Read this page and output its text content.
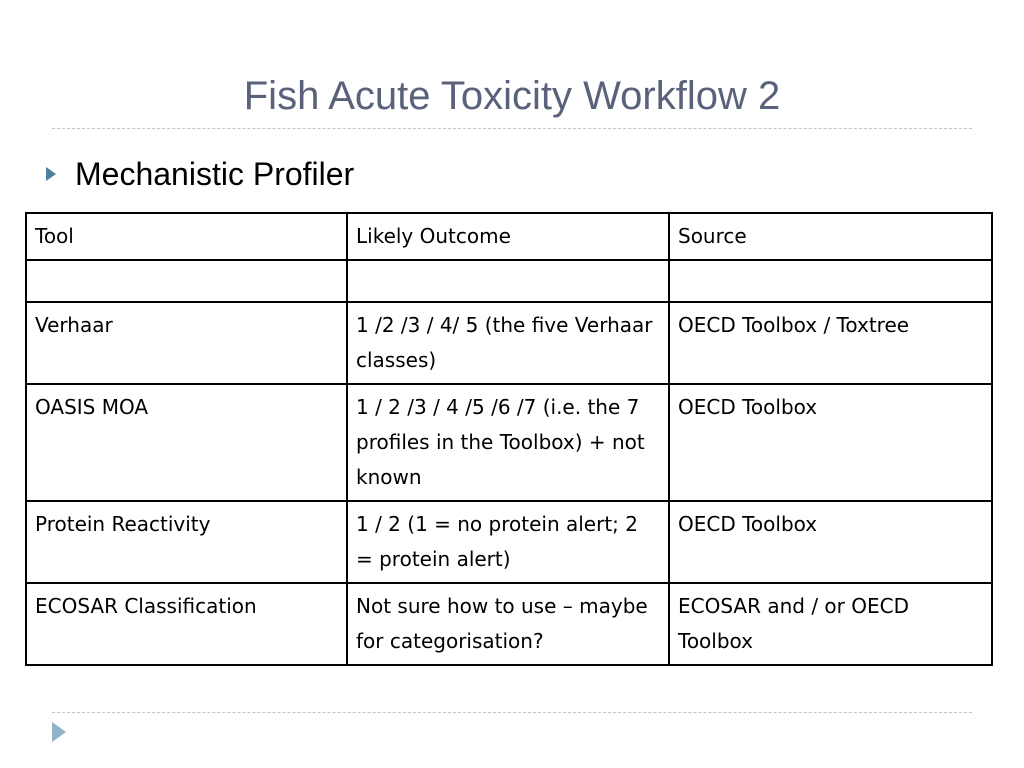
Fish Acute Toxicity Workflow 2
Mechanistic Profiler
Tool	Likely Outcome	Source

Verhaar	1 /2 /3 / 4/ 5 (the five Verhaar classes)	OECD Toolbox / Toxtree
OASIS MOA	1 / 2 /3 / 4 /5 /6 /7 (i.e. the 7 profiles in the Toolbox) + not known	OECD Toolbox
Protein Reactivity	1 / 2 (1 = no protein alert; 2 = protein alert)	OECD Toolbox
ECOSAR Classification	Not sure how to use – maybe for categorisation?	ECOSAR and / or OECD Toolbox
